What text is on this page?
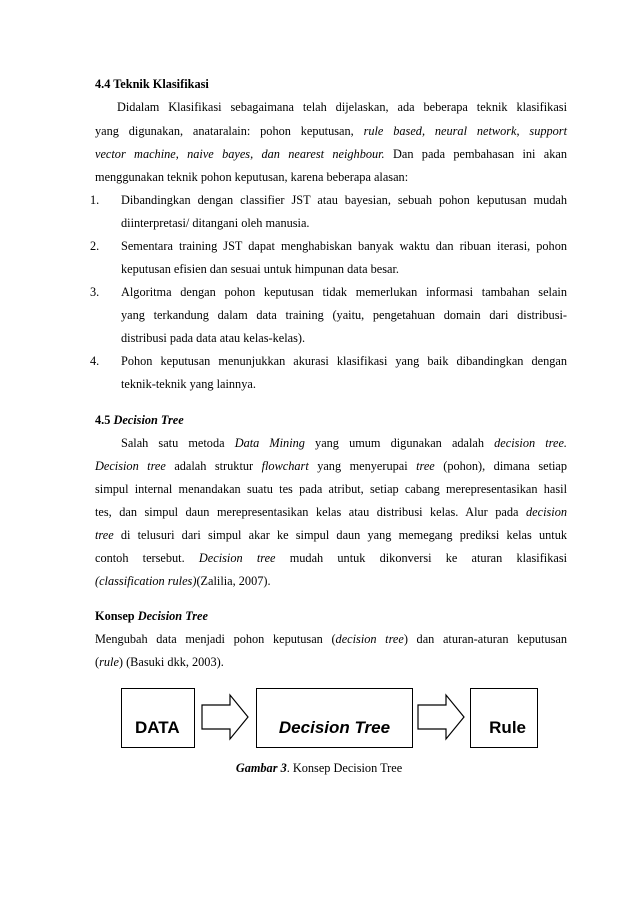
4.4 Teknik Klasifikasi
Didalam Klasifikasi sebagaimana telah dijelaskan, ada beberapa teknik klasifikasi
yang digunakan, anataralain: pohon keputusan, rule based, neural network, support
vector machine, naive bayes, dan nearest neighbour. Dan pada pembahasan ini akan
menggunakan teknik pohon keputusan, karena beberapa alasan:
1. Dibandingkan dengan classifier JST atau bayesian, sebuah pohon keputusan mudah
diinterpretasi/ ditangani oleh manusia.
2. Sementara training JST dapat menghabiskan banyak waktu dan ribuan iterasi, pohon
keputusan efisien dan sesuai untuk himpunan data besar.
3. Algoritma dengan pohon keputusan tidak memerlukan informasi tambahan selain
yang terkandung dalam data training (yaitu, pengetahuan domain dari distribusi-
distribusi pada data atau kelas-kelas).
4. Pohon keputusan menunjukkan akurasi klasifikasi yang baik dibandingkan dengan
teknik-teknik yang lainnya.
4.5 Decision Tree
Salah satu metoda Data Mining yang umum digunakan adalah decision tree.
Decision tree adalah struktur flowchart yang menyerupai tree (pohon), dimana setiap
simpul internal menandakan suatu tes pada atribut, setiap cabang merepresentasikan hasil
tes, dan simpul daun merepresentasikan kelas atau distribusi kelas. Alur pada decision
tree di telusuri dari simpul akar ke simpul daun yang memegang prediksi kelas untuk
contoh tersebut. Decision tree mudah untuk dikonversi ke aturan klasifikasi
(classification rules)(Zalilia, 2007).
Konsep Decision Tree
Mengubah data menjadi pohon keputusan (decision tree) dan aturan-aturan keputusan
(rule) (Basuki dkk, 2003).
DATA	Decision Tree	Rule
Gambar 3. Konsep Decision Tree
